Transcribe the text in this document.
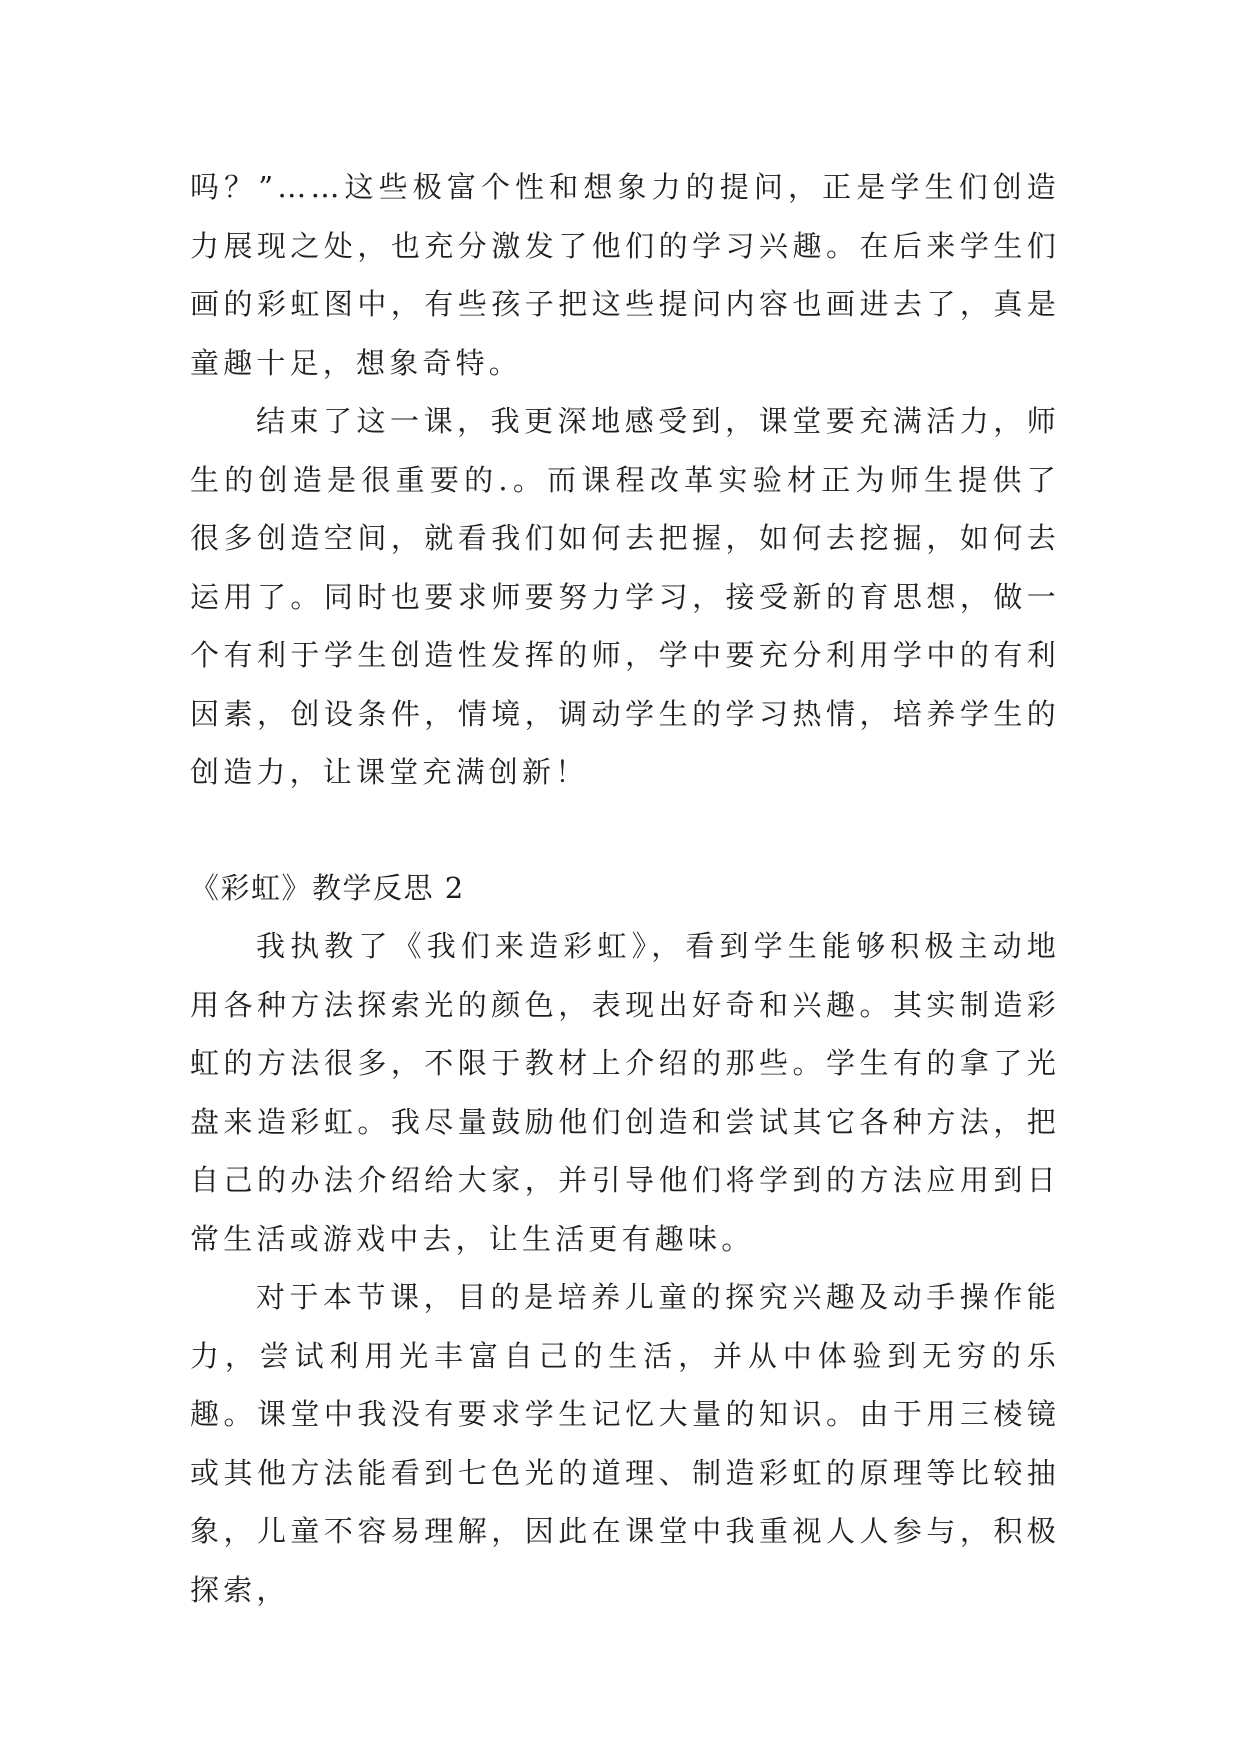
吗？”……这些极富个性和想象力的提问，正是学生们创造力展现之处，也充分激发了他们的学习兴趣。在后来学生们画的彩虹图中，有些孩子把这些提问内容也画进去了，真是童趣十足，想象奇特。

结束了这一课，我更深地感受到，课堂要充满活力，师生的创造是很重要的.。而课程改革实验材正为师生提供了很多创造空间，就看我们如何去把握，如何去挖掘，如何去运用了。同时也要求师要努力学习，接受新的育思想，做一个有利于学生创造性发挥的师，学中要充分利用学中的有利因素，创设条件，情境，调动学生的学习热情，培养学生的创造力，让课堂充满创新！

《彩虹》教学反思 2

我执教了《我们来造彩虹》，看到学生能够积极主动地用各种方法探索光的颜色，表现出好奇和兴趣。其实制造彩虹的方法很多，不限于教材上介绍的那些。学生有的拿了光盘来造彩虹。我尽量鼓励他们创造和尝试其它各种方法，把自己的办法介绍给大家，并引导他们将学到的方法应用到日常生活或游戏中去，让生活更有趣味。

对于本节课，目的是培养儿童的探究兴趣及动手操作能力，尝试利用光丰富自己的生活，并从中体验到无穷的乐趣。课堂中我没有要求学生记忆大量的知识。由于用三棱镜或其他方法能看到七色光的道理、制造彩虹的原理等比较抽象，儿童不容易理解，因此在课堂中我重视人人参与，积极探索，
